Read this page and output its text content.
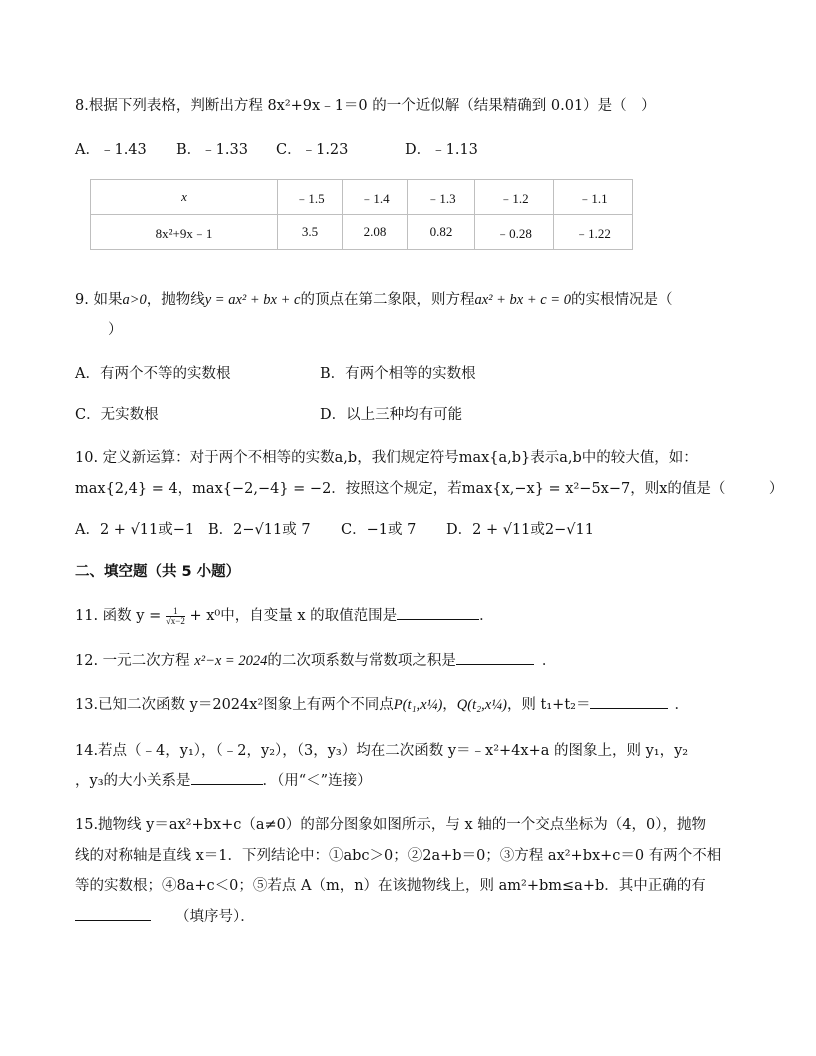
8.根据下列表格，判断出方程 8x²+9x﹣1＝0 的一个近似解（结果精确到 0.01）是（　）
A．﹣1.43 B．﹣1.33 C．﹣1.23	D．﹣1.13
x	﹣1.5	﹣1.4	﹣1.3	﹣1.2	﹣1.1
8x²+9x﹣1	3.5	2.08	0.82	﹣0.28	﹣1.22
9. 如果a>0，抛物线y = ax² + bx + c的顶点在第二象限，则方程ax² + bx + c = 0的实根情况是（
）
A．有两个不等的实数根	B．有两个相等的实数根
C．无实数根	D．以上三种均有可能
10. 定义新运算：对于两个不相等的实数a,b，我们规定符号max{a,b}表示a,b中的较大值，如：
max{2,4} = 4，max{−2,−4} = −2．按照这个规定，若max{x,−x} = x²−5x−7，则x的值是（　　　）
A．2 + √11或−1 B．2−√11或 7 C．−1或 7 D．2 + √11或2−√11
二、填空题（共 5 小题）
11. 函数 $y = \frac{1}{√x-2} + x^0$中，自变量 x 的取值范围是	．
12. 一元二次方程 x²−x = 2024的二次项系数与常数项之积是	．
13.已知二次函数 y＝2024x²图象上有两个不同点P(t₁,x¼)，Q(t₂,x¼)，则 t₁+t₂＝	．
14.若点（﹣4，y₁），（﹣2，y₂），（3，y₃）均在二次函数 y＝﹣x²+4x+a 的图象上，则 y₁，y₂
，y₃的大小关系是	．（用“＜”连接）
15.抛物线 y＝ax²+bx+c（a≠0）的部分图象如图所示，与 x 轴的一个交点坐标为（4，0），抛物
线的对称轴是直线 x＝1．下列结论中：①abc＞0；②2a+b＝0；③方程 ax²+bx+c＝0 有两个不相
等的实数根；④8a+c＜0；⑤若点 A（m，n）在该抛物线上，则 am²+bm≤a+b．其中正确的有
（填序号）．
